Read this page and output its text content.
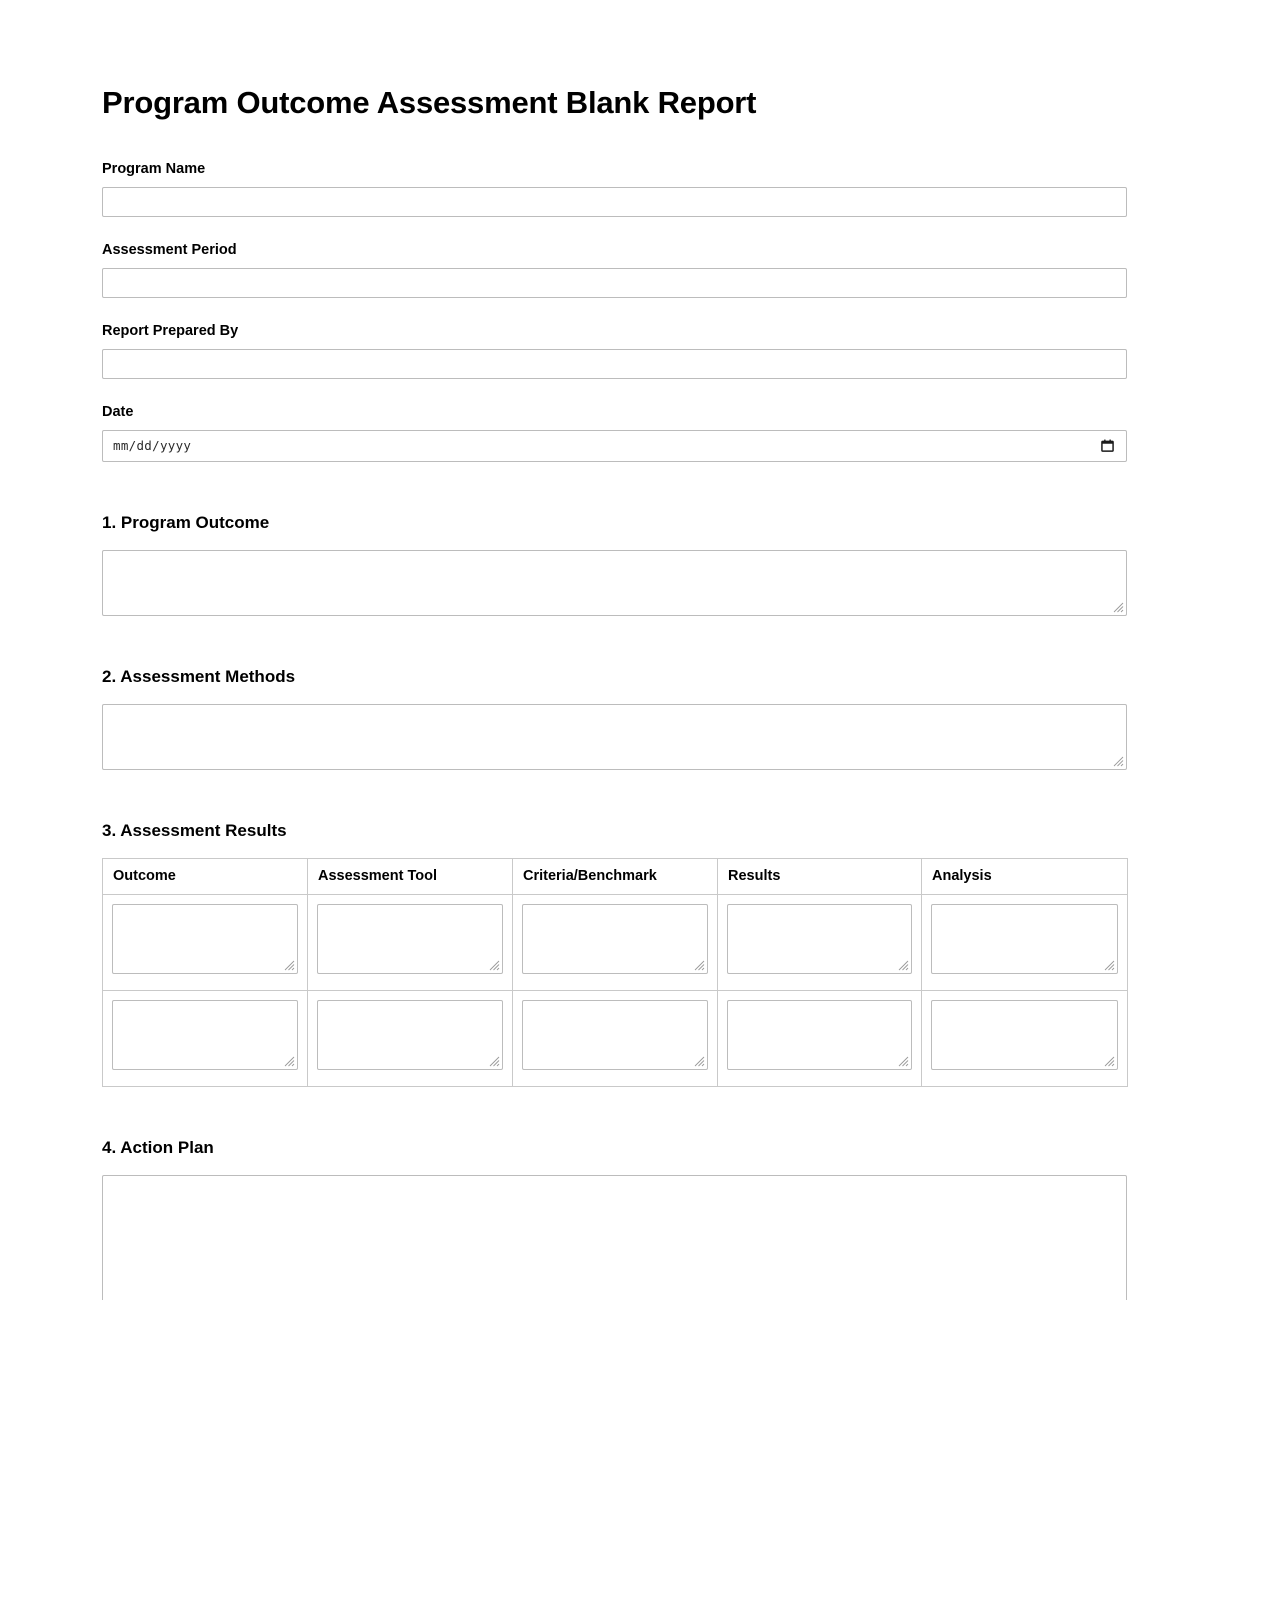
Program Outcome Assessment Blank Report
Program Name
Assessment Period
Report Prepared By
Date
mm/dd/yyyy
1. Program Outcome
2. Assessment Methods
3. Assessment Results
Outcome	Assessment Tool	Criteria/Benchmark	Results	Analysis

4. Action Plan
